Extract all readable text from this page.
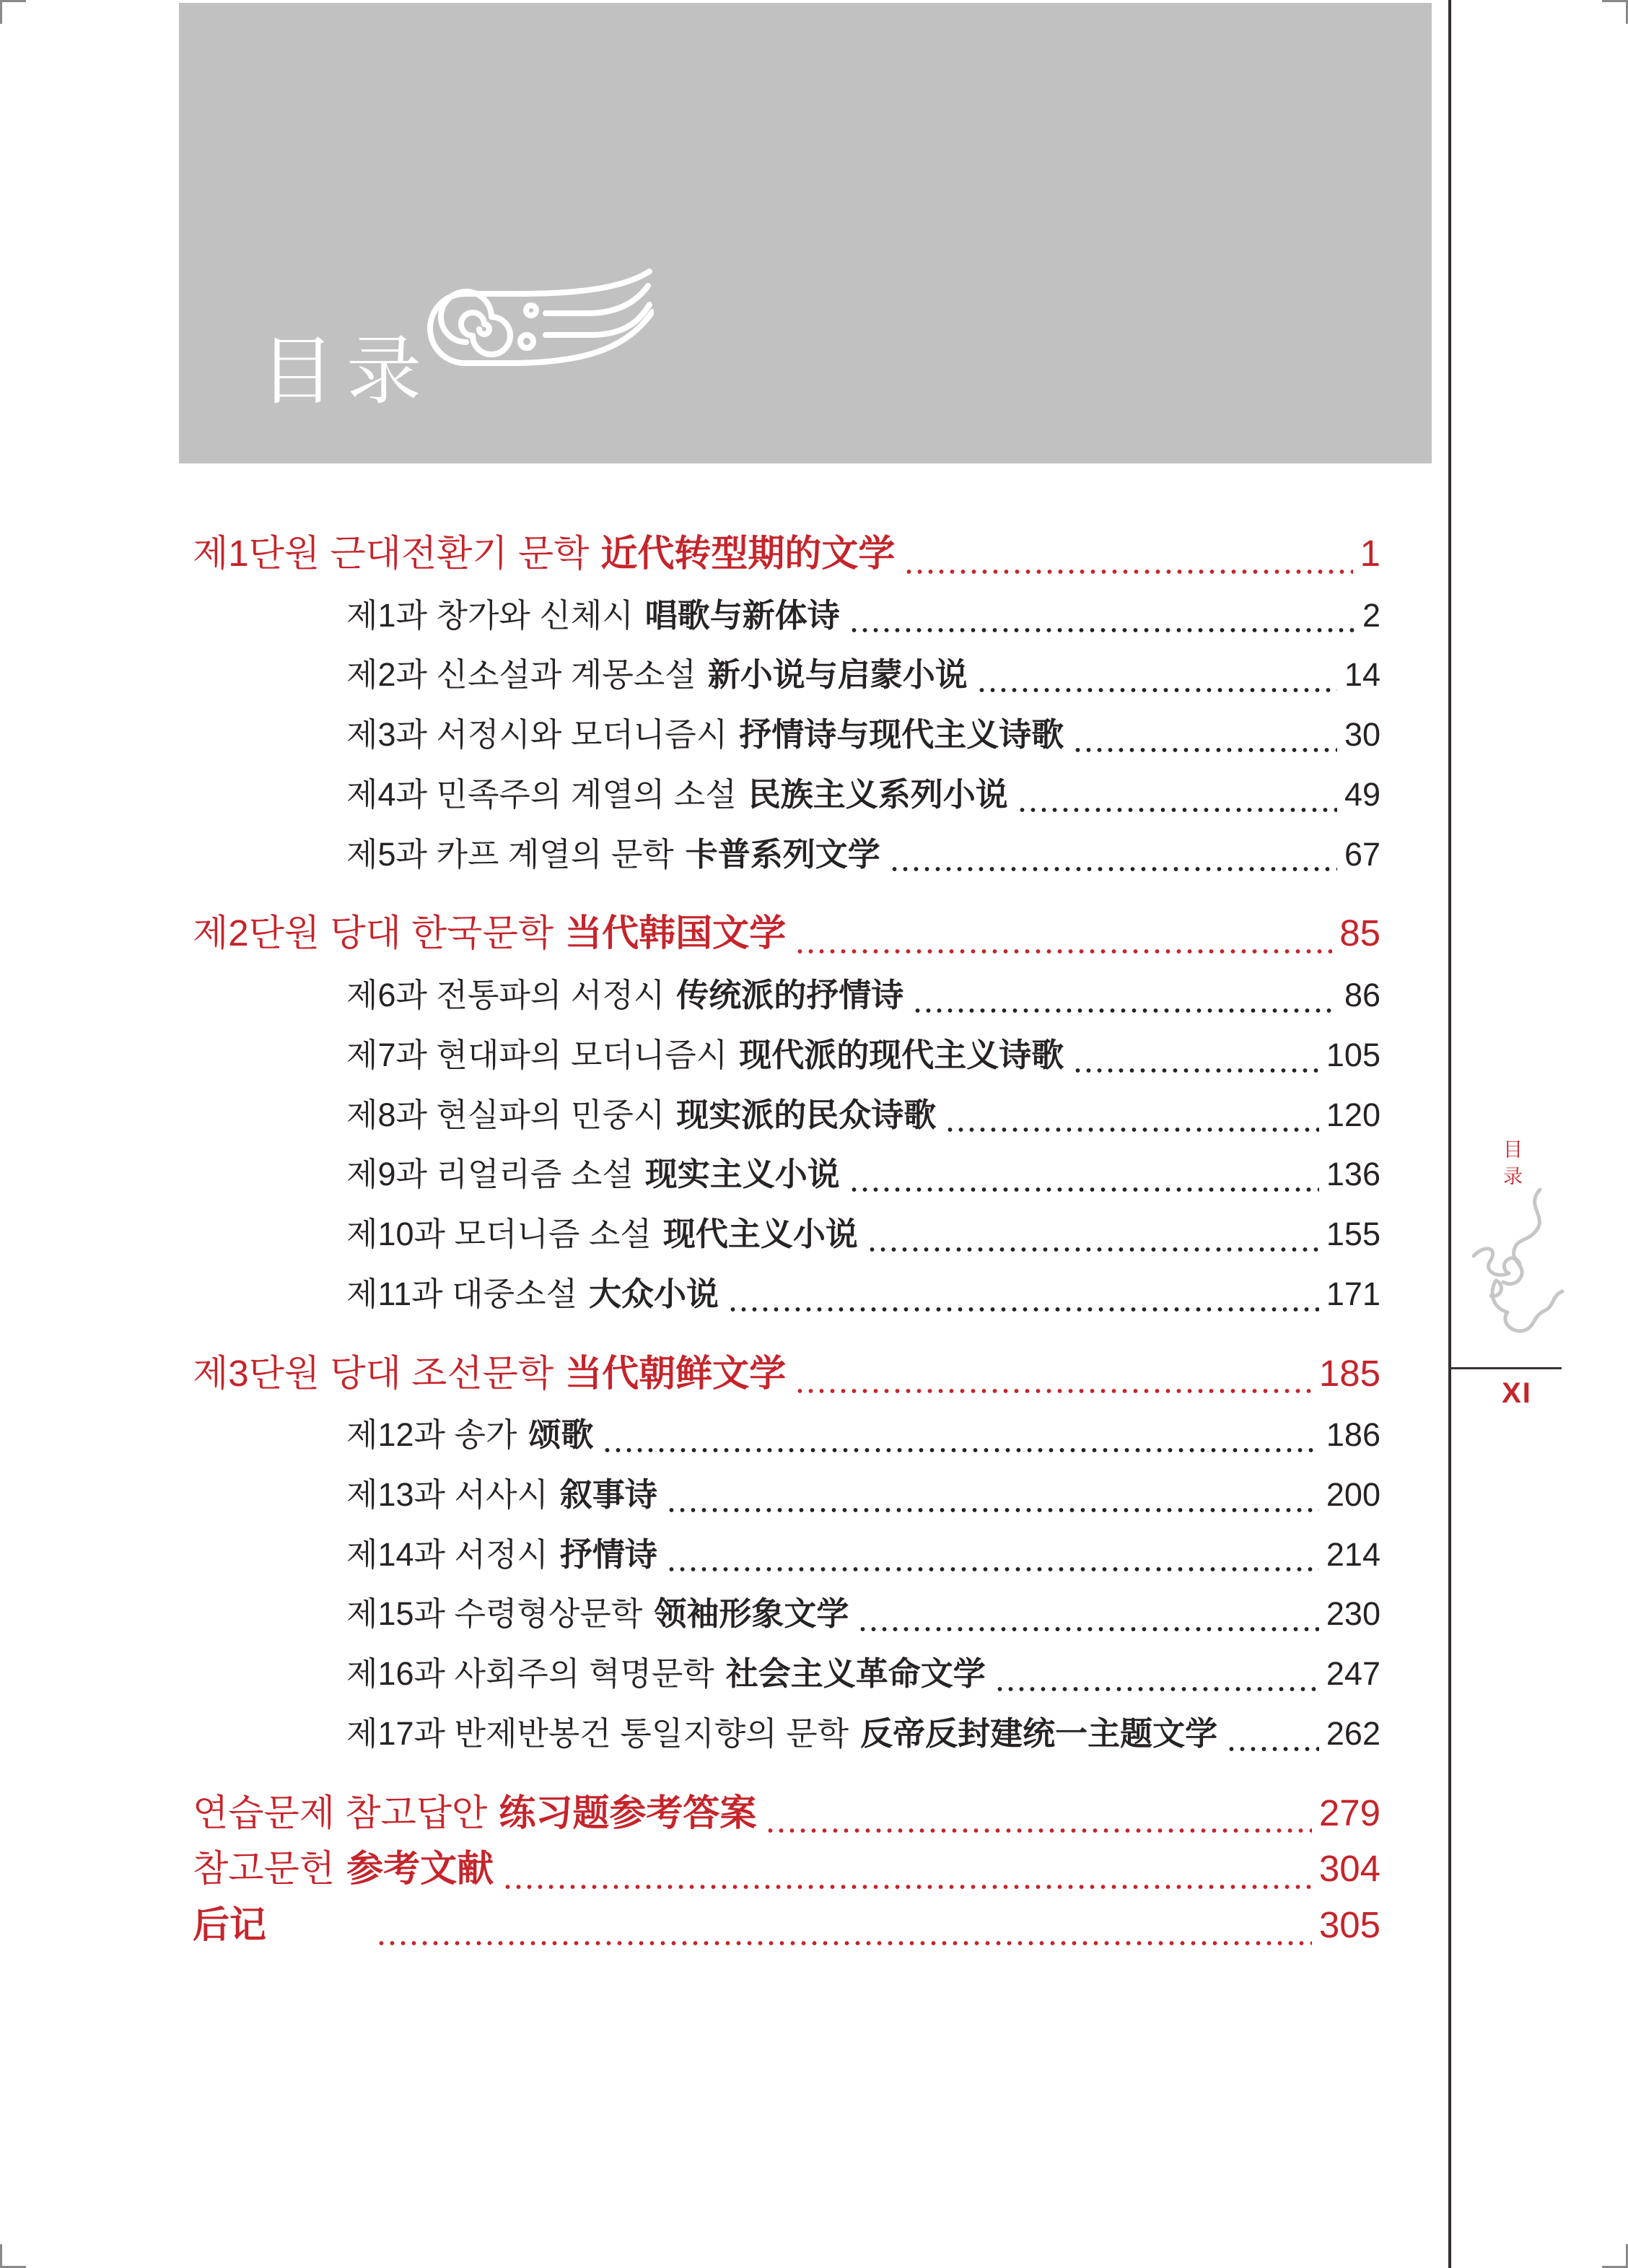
目录
제1단원 근대전환기 문학 近代转型期的文学	1
제1과 창가와 신체시 唱歌与新体诗	2
제2과 신소설과 계몽소설 新小说与启蒙小说	14
제3과 서정시와 모더니즘시 抒情诗与现代主义诗歌	30
제4과 민족주의 계열의 소설 民族主义系列小说	49
제5과 카프 계열의 문학 卡普系列文学	67
제2단원 당대 한국문학 当代韩国文学	85
제6과 전통파의 서정시 传统派的抒情诗	86
제7과 현대파의 모더니즘시 现代派的现代主义诗歌	105
제8과 현실파의 민중시 现实派的民众诗歌	120
제9과 리얼리즘 소설 现实主义小说	136
제10과 모더니즘 소설 现代主义小说	155
제11과 대중소설 大众小说	171
제3단원 당대 조선문학 当代朝鲜文学	185
제12과 송가 颂歌	186
제13과 서사시 叙事诗	200
제14과 서정시 抒情诗	214
제15과 수령형상문학 领袖形象文学	230
제16과 사회주의 혁명문학 社会主义革命文学	247
제17과 반제반봉건 통일지향의 문학 反帝反封建统一主题文学	262
연습문제 참고답안 练习题参考答案	279
참고문헌 参考文献	304
后记	305
目录
XI
